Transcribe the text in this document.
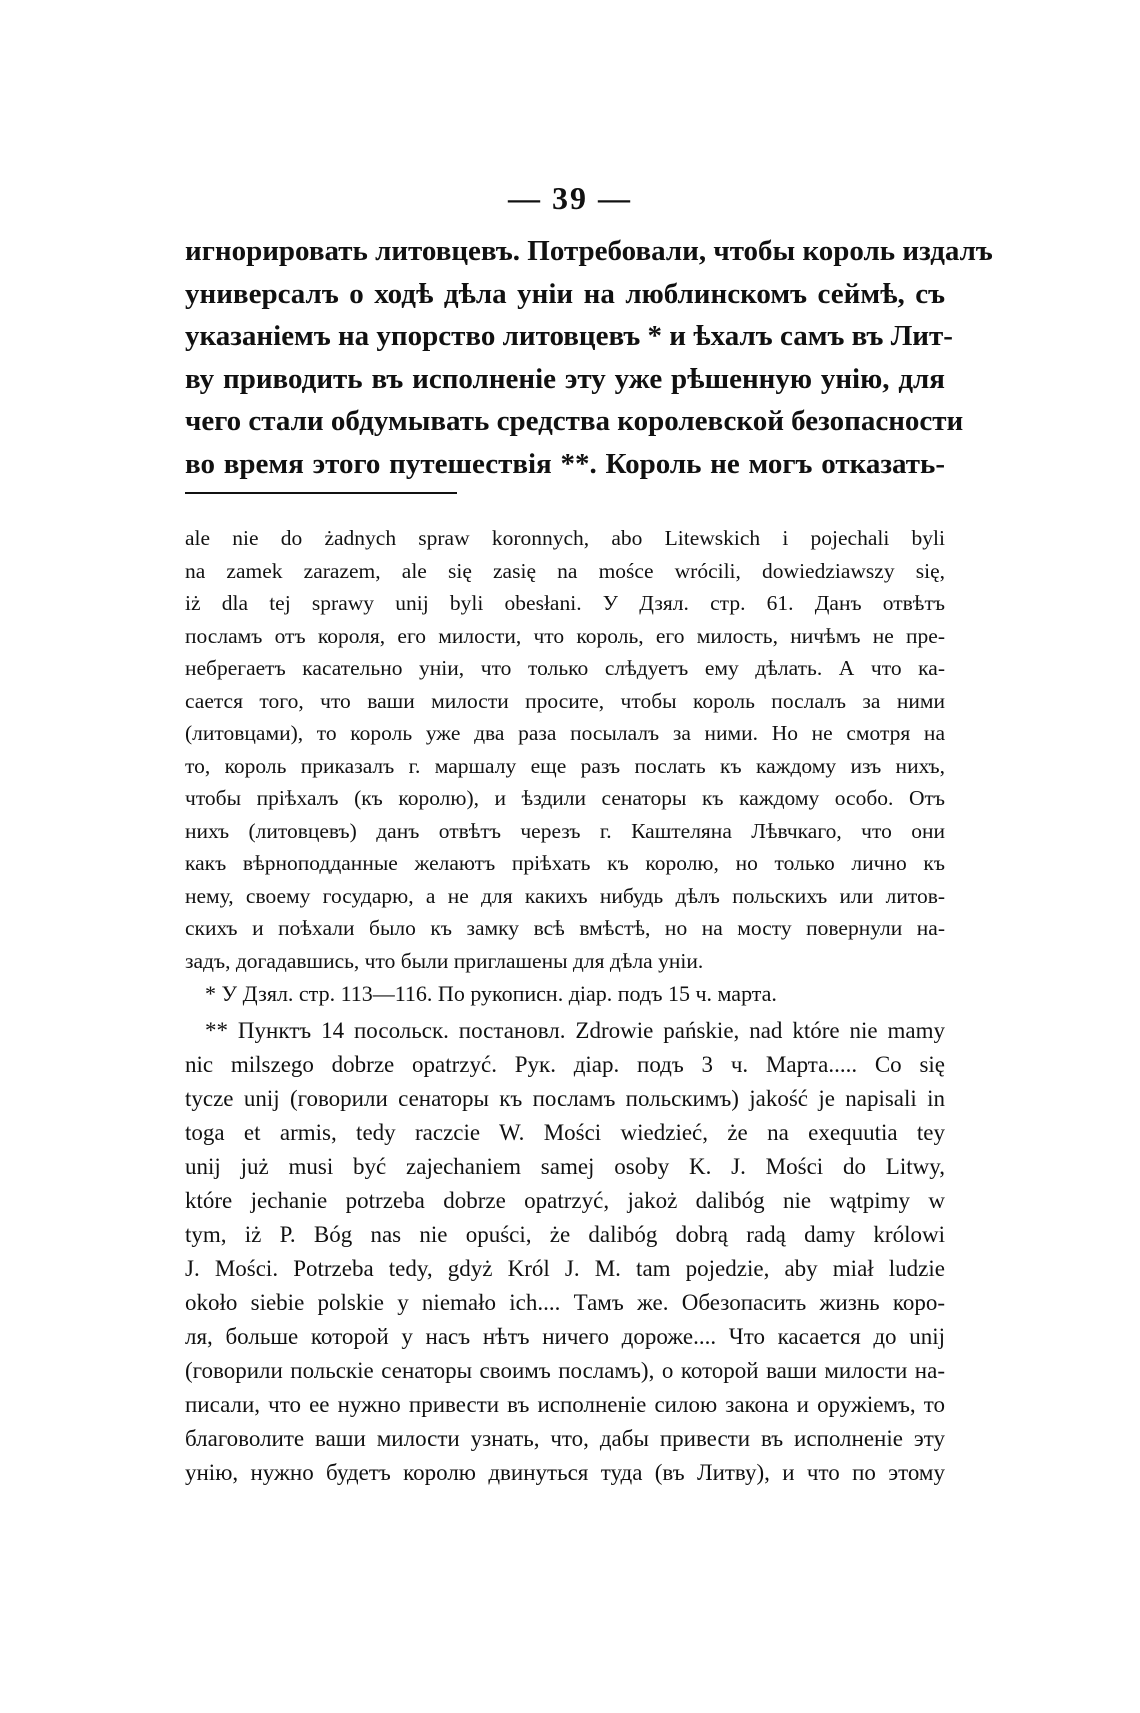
— 39 —
игнорировать литовцевъ. Потребовали, чтобы король издалъ
универсалъ о ходѣ дѣла уніи на люблинскомъ сеймѣ, съ
указаніемъ на упорство литовцевъ * и ѣхалъ самъ въ Лит-
ву приводить въ исполненіе эту уже рѣшенную унію, для
чего стали обдумывать средства королевской безопасности
во время этого путешествія **. Король не могъ отказать-
ale nie do żadnych spraw koronnych, abo Litewskich i pojechali byli
na zamek zarazem, ale się zasię na mośce wrócili, dowiedziawszy się,
iż dla tej sprawy unij byli obesłani. У Дзял. стр. 61. Данъ отвѣтъ
посламъ отъ короля, его милости, что король, его милость, ничѣмъ не пре-
небрегаетъ касательно уніи, что только слѣдуетъ ему дѣлать. А что ка-
сается того, что ваши милости просите, чтобы король послалъ за ними
(литовцами), то король уже два раза посылалъ за ними. Но не смотря на
то, король приказалъ г. маршалу еще разъ послать къ каждому изъ нихъ,
чтобы пріѣхалъ (къ королю), и ѣздили сенаторы къ каждому особо. Отъ
нихъ (литовцевъ) данъ отвѣтъ черезъ г. Каштеляна Лѣвчкаго, что они
какъ вѣрноподданные желаютъ пріѣхать къ королю, но только лично къ
нему, своему государю, а не для какихъ нибудь дѣлъ польскихъ или литов-
скихъ и поѣхали было къ замку всѣ вмѣстѣ, но на мосту повернули на-
задъ, догадавшись, что были приглашены для дѣла уніи.
* У Дзял. стр. 113—116. По рукописн. діар. подъ 15 ч. марта.
** Пунктъ 14 посольск. постановл. Zdrowie pańskie, nad które nie mamy
nic milszego dobrze opatrzyć. Рук. діар. подъ 3 ч. Марта..... Co się
tycze unij (говорили сенаторы къ посламъ польскимъ) jakość je napisali in
toga et armis, tedy raczcie W. Mości wiedzieć, że na exequutia tey
unij już musi być zajechaniem samej osoby K. J. Mości do Litwy,
które jechanie potrzeba dobrze opatrzyć, jakoż dalibóg nie wątpimy w
tym, iż P. Bóg nas nie opuści, że dalibóg dobrą radą damy królowi
J. Mości. Potrzeba tedy, gdyż Król J. M. tam pojedzie, aby miał ludzie
około siebie polskie y niemało ich.... Тамъ же. Обезопасить жизнь коро-
ля, больше которой у насъ нѣтъ ничего дороже.... Что касается до unij
(говорили польскіе сенаторы своимъ посламъ), о которой ваши милости на-
писали, что ее нужно привести въ исполненіе силою закона и оружіемъ, то
благоволите ваши милости узнать, что, дабы привести въ исполненіе эту
унію, нужно будетъ королю двинуться туда (въ Литву), и что по этому
